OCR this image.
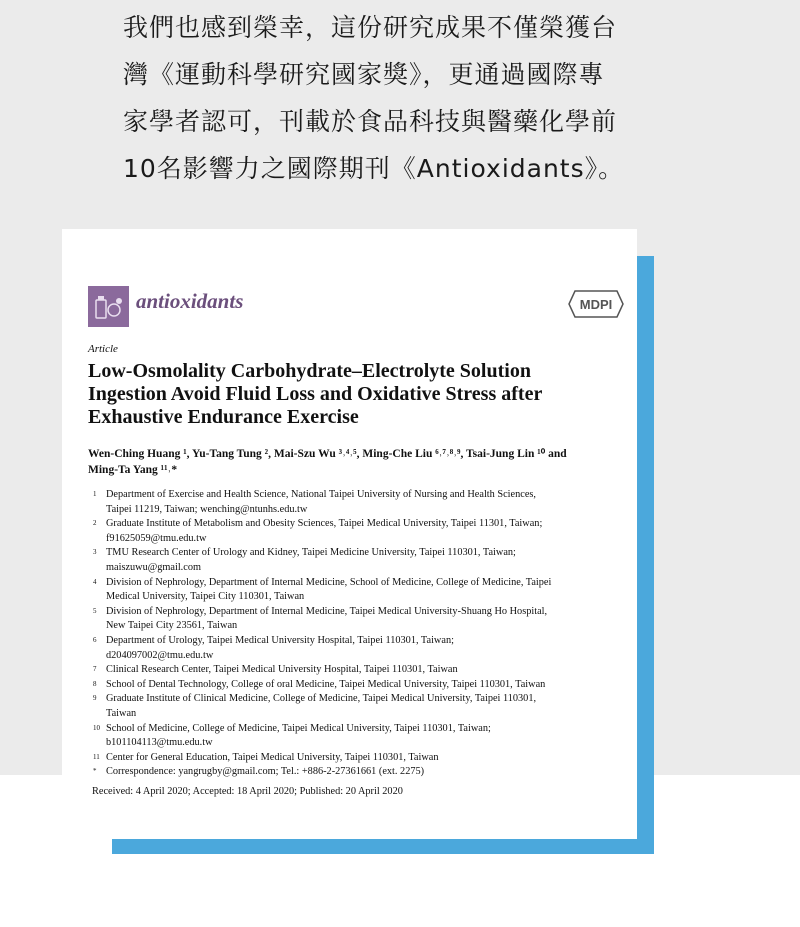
我們也感到榮幸，這份研究成果不僅榮獲台
灣《運動科學研究國家獎》，更通過國際專
家學者認可，刊載於食品科技與醫藥化學前
10名影響力之國際期刊《Antioxidants》。

antioxidants	MDPI
Article
Low-Osmolality Carbohydrate–Electrolyte Solution
Ingestion Avoid Fluid Loss and Oxidative Stress after
Exhaustive Endurance Exercise
Wen-Ching Huang ¹, Yu-Tang Tung ², Mai-Szu Wu ³˒⁴˒⁵, Ming-Che Liu ⁶˒⁷˒⁸˒⁹, Tsai-Jung Lin ¹⁰ and
Ming-Ta Yang ¹¹˒*
1 Department of Exercise and Health Science, National Taipei University of Nursing and Health Sciences,
Taipei 11219, Taiwan; wenching@ntunhs.edu.tw
2 Graduate Institute of Metabolism and Obesity Sciences, Taipei Medical University, Taipei 11301, Taiwan;
f91625059@tmu.edu.tw
3 TMU Research Center of Urology and Kidney, Taipei Medicine University, Taipei 110301, Taiwan;
maiszuwu@gmail.com
4 Division of Nephrology, Department of Internal Medicine, School of Medicine, College of Medicine, Taipei
Medical University, Taipei City 110301, Taiwan
5 Division of Nephrology, Department of Internal Medicine, Taipei Medical University-Shuang Ho Hospital,
New Taipei City 23561, Taiwan
6 Department of Urology, Taipei Medical University Hospital, Taipei 110301, Taiwan;
d204097002@tmu.edu.tw
7 Clinical Research Center, Taipei Medical University Hospital, Taipei 110301, Taiwan
8 School of Dental Technology, College of oral Medicine, Taipei Medical University, Taipei 110301, Taiwan
9 Graduate Institute of Clinical Medicine, College of Medicine, Taipei Medical University, Taipei 110301,
Taiwan
10 School of Medicine, College of Medicine, Taipei Medical University, Taipei 110301, Taiwan;
b101104113@tmu.edu.tw
11 Center for General Education, Taipei Medical University, Taipei 110301, Taiwan
* Correspondence: yangrugby@gmail.com; Tel.: +886-2-27361661 (ext. 2275)
Received: 4 April 2020; Accepted: 18 April 2020; Published: 20 April 2020
